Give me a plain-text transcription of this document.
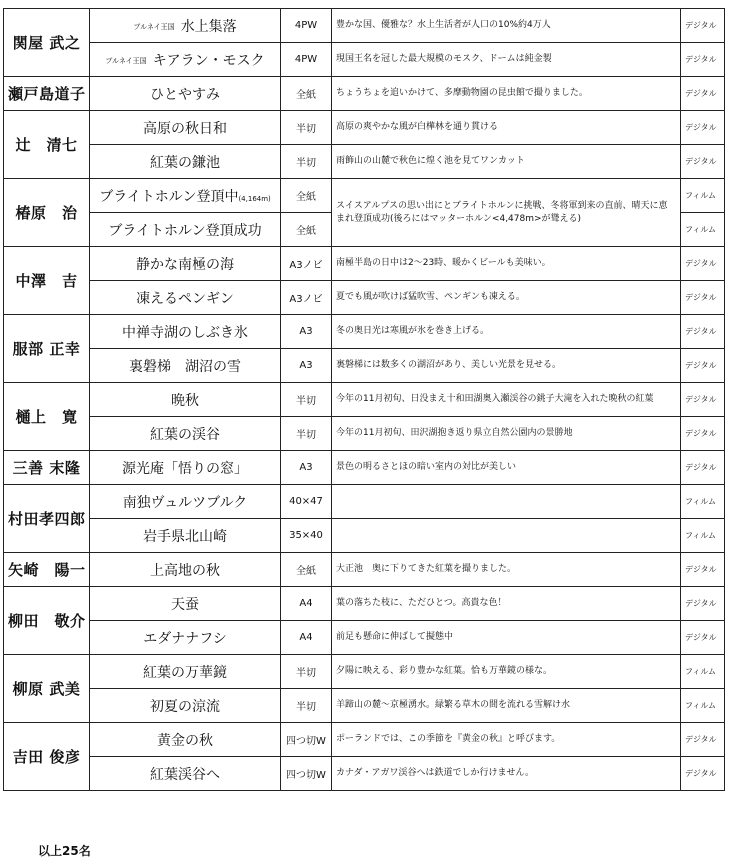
関屋 武之	ブルネイ王国 水上集落	4PW	豊かな国、優雅な？水上生活者が人口の10%約4万人	デジタル
	ブルネイ王国 キアラン・モスク	4PW	現国王名を冠した最大規模のモスク、ドームは純金製	デジタル
瀬戸島道子	ひとやすみ	全紙	ちょうちょを追いかけて、多摩動物園の昆虫館で撮りました。	デジタル
辻　清七	高原の秋日和	半切	高原の爽やかな風が白樺林を通り貫ける	デジタル
	紅葉の鎌池	半切	雨飾山の山麓で秋色に煌く池を見てワンカット	デジタル
椿原　治	ブライトホルン登頂中(4,164m)	全紙	スイスアルプスの思い出にとブライトホルンに挑戦、冬将軍到来の直前、晴天に恵まれ登頂成功(後ろにはマッターホルン<4,478m>が聳える)	フィルム
	ブライトホルン登頂成功	全紙		フィルム
中澤　吉	静かな南極の海	A3ノビ	南極半島の日中は2～23時、暖かくビールも美味い。	デジタル
	凍えるペンギン	A3ノビ	夏でも風が吹けば猛吹雪、ペンギンも凍える。	デジタル
服部 正幸	中禅寺湖のしぶき氷	A3	冬の奥日光は寒風が氷を巻き上げる。	デジタル
	裏磐梯　湖沼の雪	A3	裏磐梯には数多くの湖沼があり、美しい光景を見せる。	デジタル
樋上　寛	晩秋	半切	今年の11月初旬、日没まえ十和田湖奥入瀬渓谷の銚子大滝を入れた晩秋の紅葉	デジタル
	紅葉の渓谷	半切	今年の11月初旬、田沢湖抱き返り県立自然公園内の景勝地	デジタル
三善 末隆	源光庵「悟りの窓」	A3	景色の明るさとほの暗い室内の対比が美しい	デジタル
村田孝四郎	南独ヴュルツブルク	40×47		フィルム
	岩手県北山崎	35×40		フィルム
矢崎　陽一	上高地の秋	全紙	大正池　奥に下りてきた紅葉を撮りました。	デジタル
柳田　敬介	天蚕	A4	葉の落ちた枝に、ただひとつ。高貴な色！	デジタル
	エダナナフシ	A4	前足も懸命に伸ばして擬態中	デジタル
柳原 武美	紅葉の万華鏡	半切	夕陽に映える、彩り豊かな紅葉。恰も万華鏡の様な。	フィルム
	初夏の涼流	半切	羊蹄山の麓～京極湧水。緑繁る草木の間を流れる雪解け水	フィルム
吉田 俊彦	黄金の秋	四つ切W	ポーランドでは、この季節を『黄金の秋』と呼びます。	デジタル
	紅葉渓谷へ	四つ切W	カナダ・アガワ渓谷へは鉄道でしか行けません。	デジタル
以上25名
